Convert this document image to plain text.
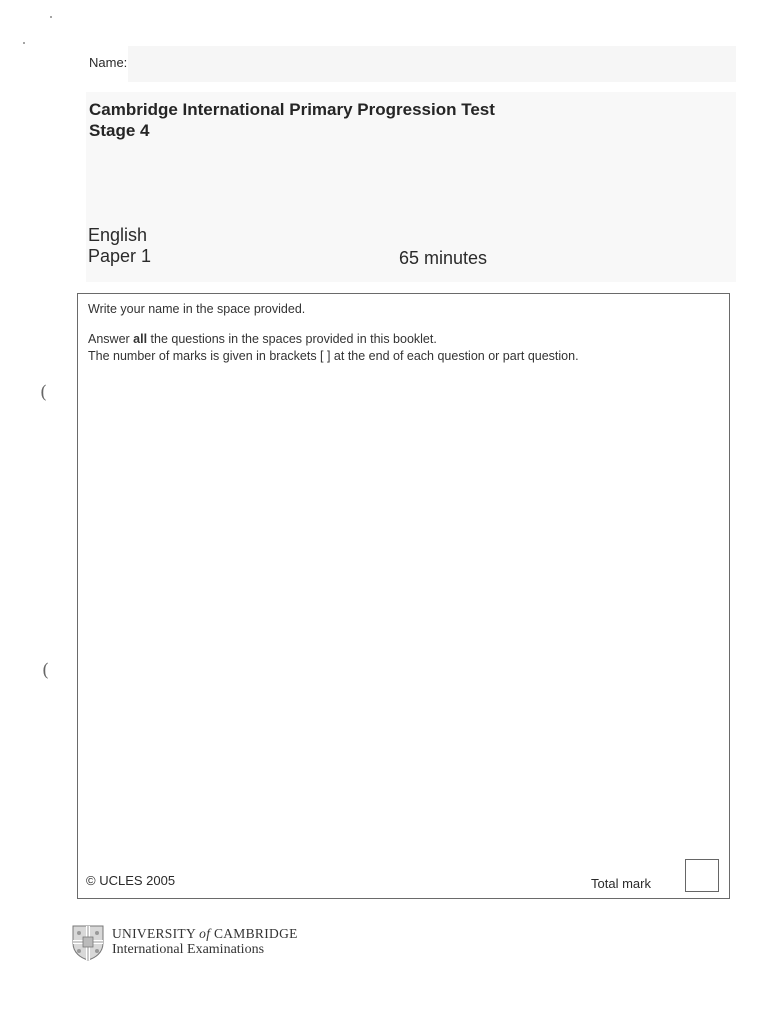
Name:
Cambridge International Primary Progression Test
Stage 4
English
Paper 1	65 minutes
(
(
Write your name in the space provided.
Answer all the questions in the spaces provided in this booklet.
The number of marks is given in brackets [ ] at the end of each question or part question.
© UCLES 2005	Total mark
UNIVERSITY of CAMBRIDGE
International Examinations
